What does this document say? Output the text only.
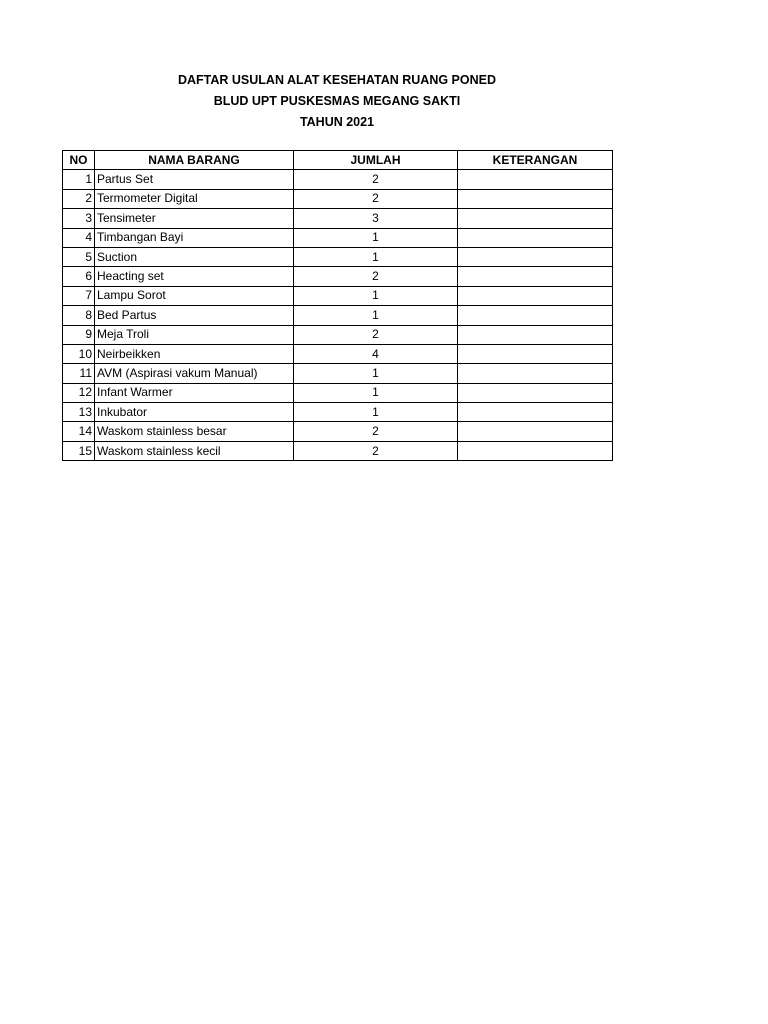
DAFTAR USULAN ALAT KESEHATAN RUANG PONED
BLUD UPT PUSKESMAS MEGANG SAKTI
TAHUN 2021
NO	NAMA BARANG	JUMLAH	KETERANGAN
1	Partus Set	2	
2	Termometer Digital	2	
3	Tensimeter	3	
4	Timbangan Bayi	1	
5	Suction	1	
6	Heacting set	2	
7	Lampu Sorot	1	
8	Bed Partus	1	
9	Meja Troli	2	
10	Neirbeikken	4	
11	AVM (Aspirasi vakum Manual)	1	
12	Infant Warmer	1	
13	Inkubator	1	
14	Waskom stainless besar	2	
15	Waskom stainless kecil	2	
